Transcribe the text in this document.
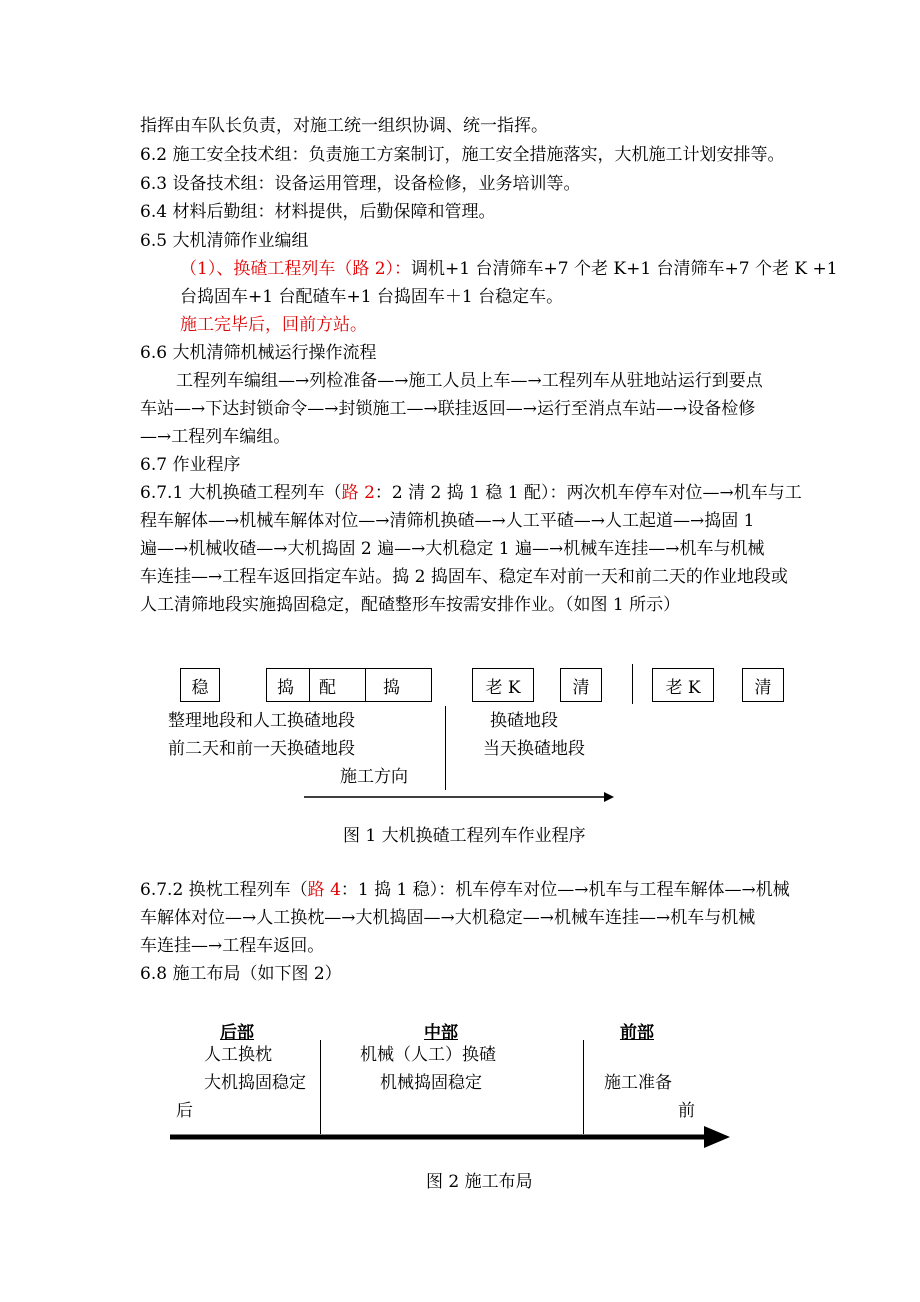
指挥由车队长负责，对施工统一组织协调、统一指挥。
6.2 施工安全技术组：负责施工方案制订，施工安全措施落实，大机施工计划安排等。
6.3 设备技术组：设备运用管理，设备检修，业务培训等。
6.4 材料后勤组：材料提供，后勤保障和管理。
6.5 大机清筛作业编组
（1）、换碴工程列车（路 2）：调机+1 台清筛车+7 个老 K+1 台清筛车+7 个老 K +1
台捣固车+1 台配碴车+1 台捣固车＋1 台稳定车。
施工完毕后，回前方站。
6.6 大机清筛机械运行操作流程
工程列车编组—→列检准备—→施工人员上车—→工程列车从驻地站运行到要点
车站—→下达封锁命令—→封锁施工—→联挂返回—→运行至消点车站—→设备检修
—→工程列车编组。
6.7 作业程序
6.7.1 大机换碴工程列车（路 2：2 清 2 捣 1 稳 1 配）：两次机车停车对位—→机车与工
程车解体—→机械车解体对位—→清筛机换碴—→人工平碴—→人工起道—→捣固 1
遍—→机械收碴—→大机捣固 2 遍—→大机稳定 1 遍—→机械车连挂—→机车与机械
车连挂—→工程车返回指定车站。捣 2 捣固车、稳定车对前一天和前二天的作业地段或
人工清筛地段实施捣固稳定，配碴整形车按需安排作业。（如图 1 所示）
稳	捣 配	捣	老 K	清	老 K	清
整理地段和人工换碴地段
前二天和前一天换碴地段
换碴地段
当天换碴地段
施工方向
图 1 大机换碴工程列车作业程序
6.7.2 换枕工程列车（路 4：1 捣 1 稳）：机车停车对位—→机车与工程车解体—→机械
车解体对位—→人工换枕—→大机捣固—→大机稳定—→机械车连挂—→机车与机械
车连挂—→工程车返回。
6.8 施工布局（如下图 2）
后部	中部	前部
人工换枕
大机捣固稳定
机械（人工）换碴
机械捣固稳定	施工准备
后	前
图 2 施工布局
